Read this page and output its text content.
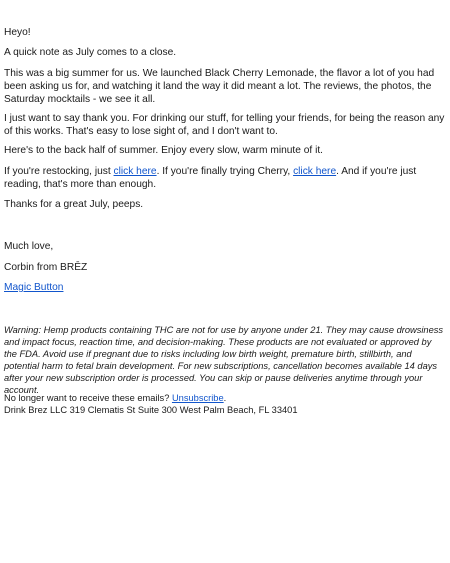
Heyo!

A quick note as July comes to a close.

This was a big summer for us. We launched Black Cherry Lemonade, the flavor a lot of you had been asking us for, and watching it land the way it did meant a lot. The reviews, the photos, the Saturday mocktails - we see it all.

I just want to say thank you. For drinking our stuff, for telling your friends, for being the reason any of this works. That's easy to lose sight of, and I don't want to.

Here's to the back half of summer. Enjoy every slow, warm minute of it.

If you're restocking, just click here. If you're finally trying Cherry, click here. And if you're just reading, that's more than enough.

Thanks for a great July, peeps.

Much love,

Corbin from BRĒZ

Magic Button

Warning: Hemp products containing THC are not for use by anyone under 21. They may cause drowsiness and impact focus, reaction time, and decision-making. These products are not evaluated or approved by the FDA. Avoid use if pregnant due to risks including low birth weight, premature birth, stillbirth, and potential harm to fetal brain development. For new subscriptions, cancellation becomes available 14 days after your new subscription order is processed. You can skip or pause deliveries anytime through your account.

No longer want to receive these emails? Unsubscribe.

Drink Brez LLC 319 Clematis St Suite 300 West Palm Beach, FL 33401
